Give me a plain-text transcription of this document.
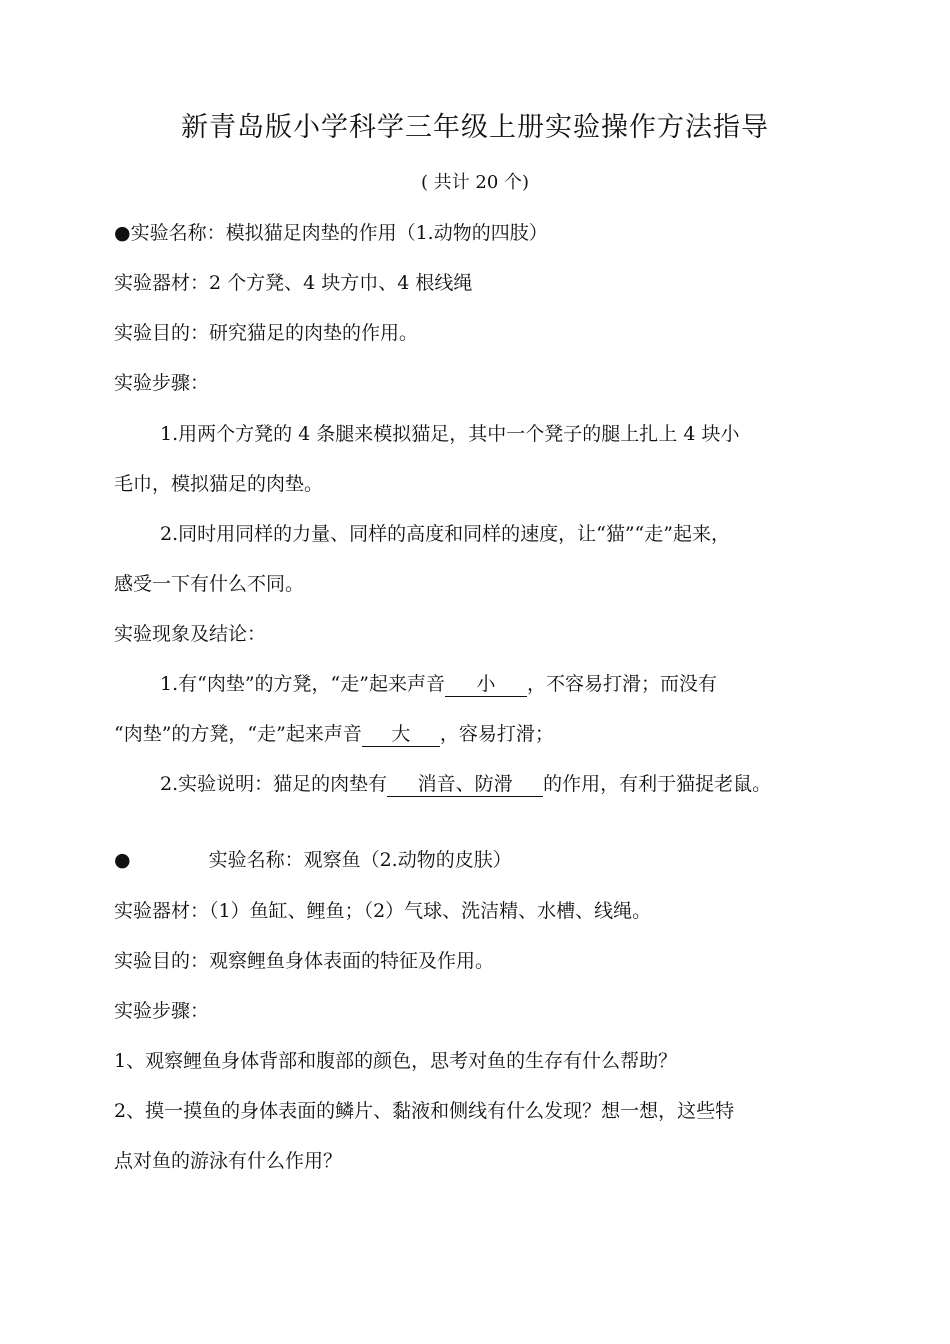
新青岛版小学科学三年级上册实验操作方法指导
( 共计 20 个)
●实验名称：模拟猫足肉垫的作用（1.动物的四肢）
实验器材：2 个方凳、4 块方巾、4 根线绳
实验目的：研究猫足的肉垫的作用。
实验步骤：
1.用两个方凳的 4 条腿来模拟猫足，其中一个凳子的腿上扎上 4 块小
毛巾，模拟猫足的肉垫。
2.同时用同样的力量、同样的高度和同样的速度，让“猫”“走”起来，
感受一下有什么不同。
实验现象及结论：
1.有“肉垫”的方凳，“走”起来声音 小 ，不容易打滑；而没有
“肉垫”的方凳，“走”起来声音 大 ，容易打滑；
2.实验说明：猫足的肉垫有 消音、防滑 的作用，有利于猫捉老鼠。
●	实验名称：观察鱼（2.动物的皮肤）
实验器材：（1）鱼缸、鲤鱼；（2）气球、洗洁精、水槽、线绳。
实验目的：观察鲤鱼身体表面的特征及作用。
实验步骤：
1、观察鲤鱼身体背部和腹部的颜色，思考对鱼的生存有什么帮助？
2、摸一摸鱼的身体表面的鳞片、黏液和侧线有什么发现？想一想，这些特
点对鱼的游泳有什么作用？
